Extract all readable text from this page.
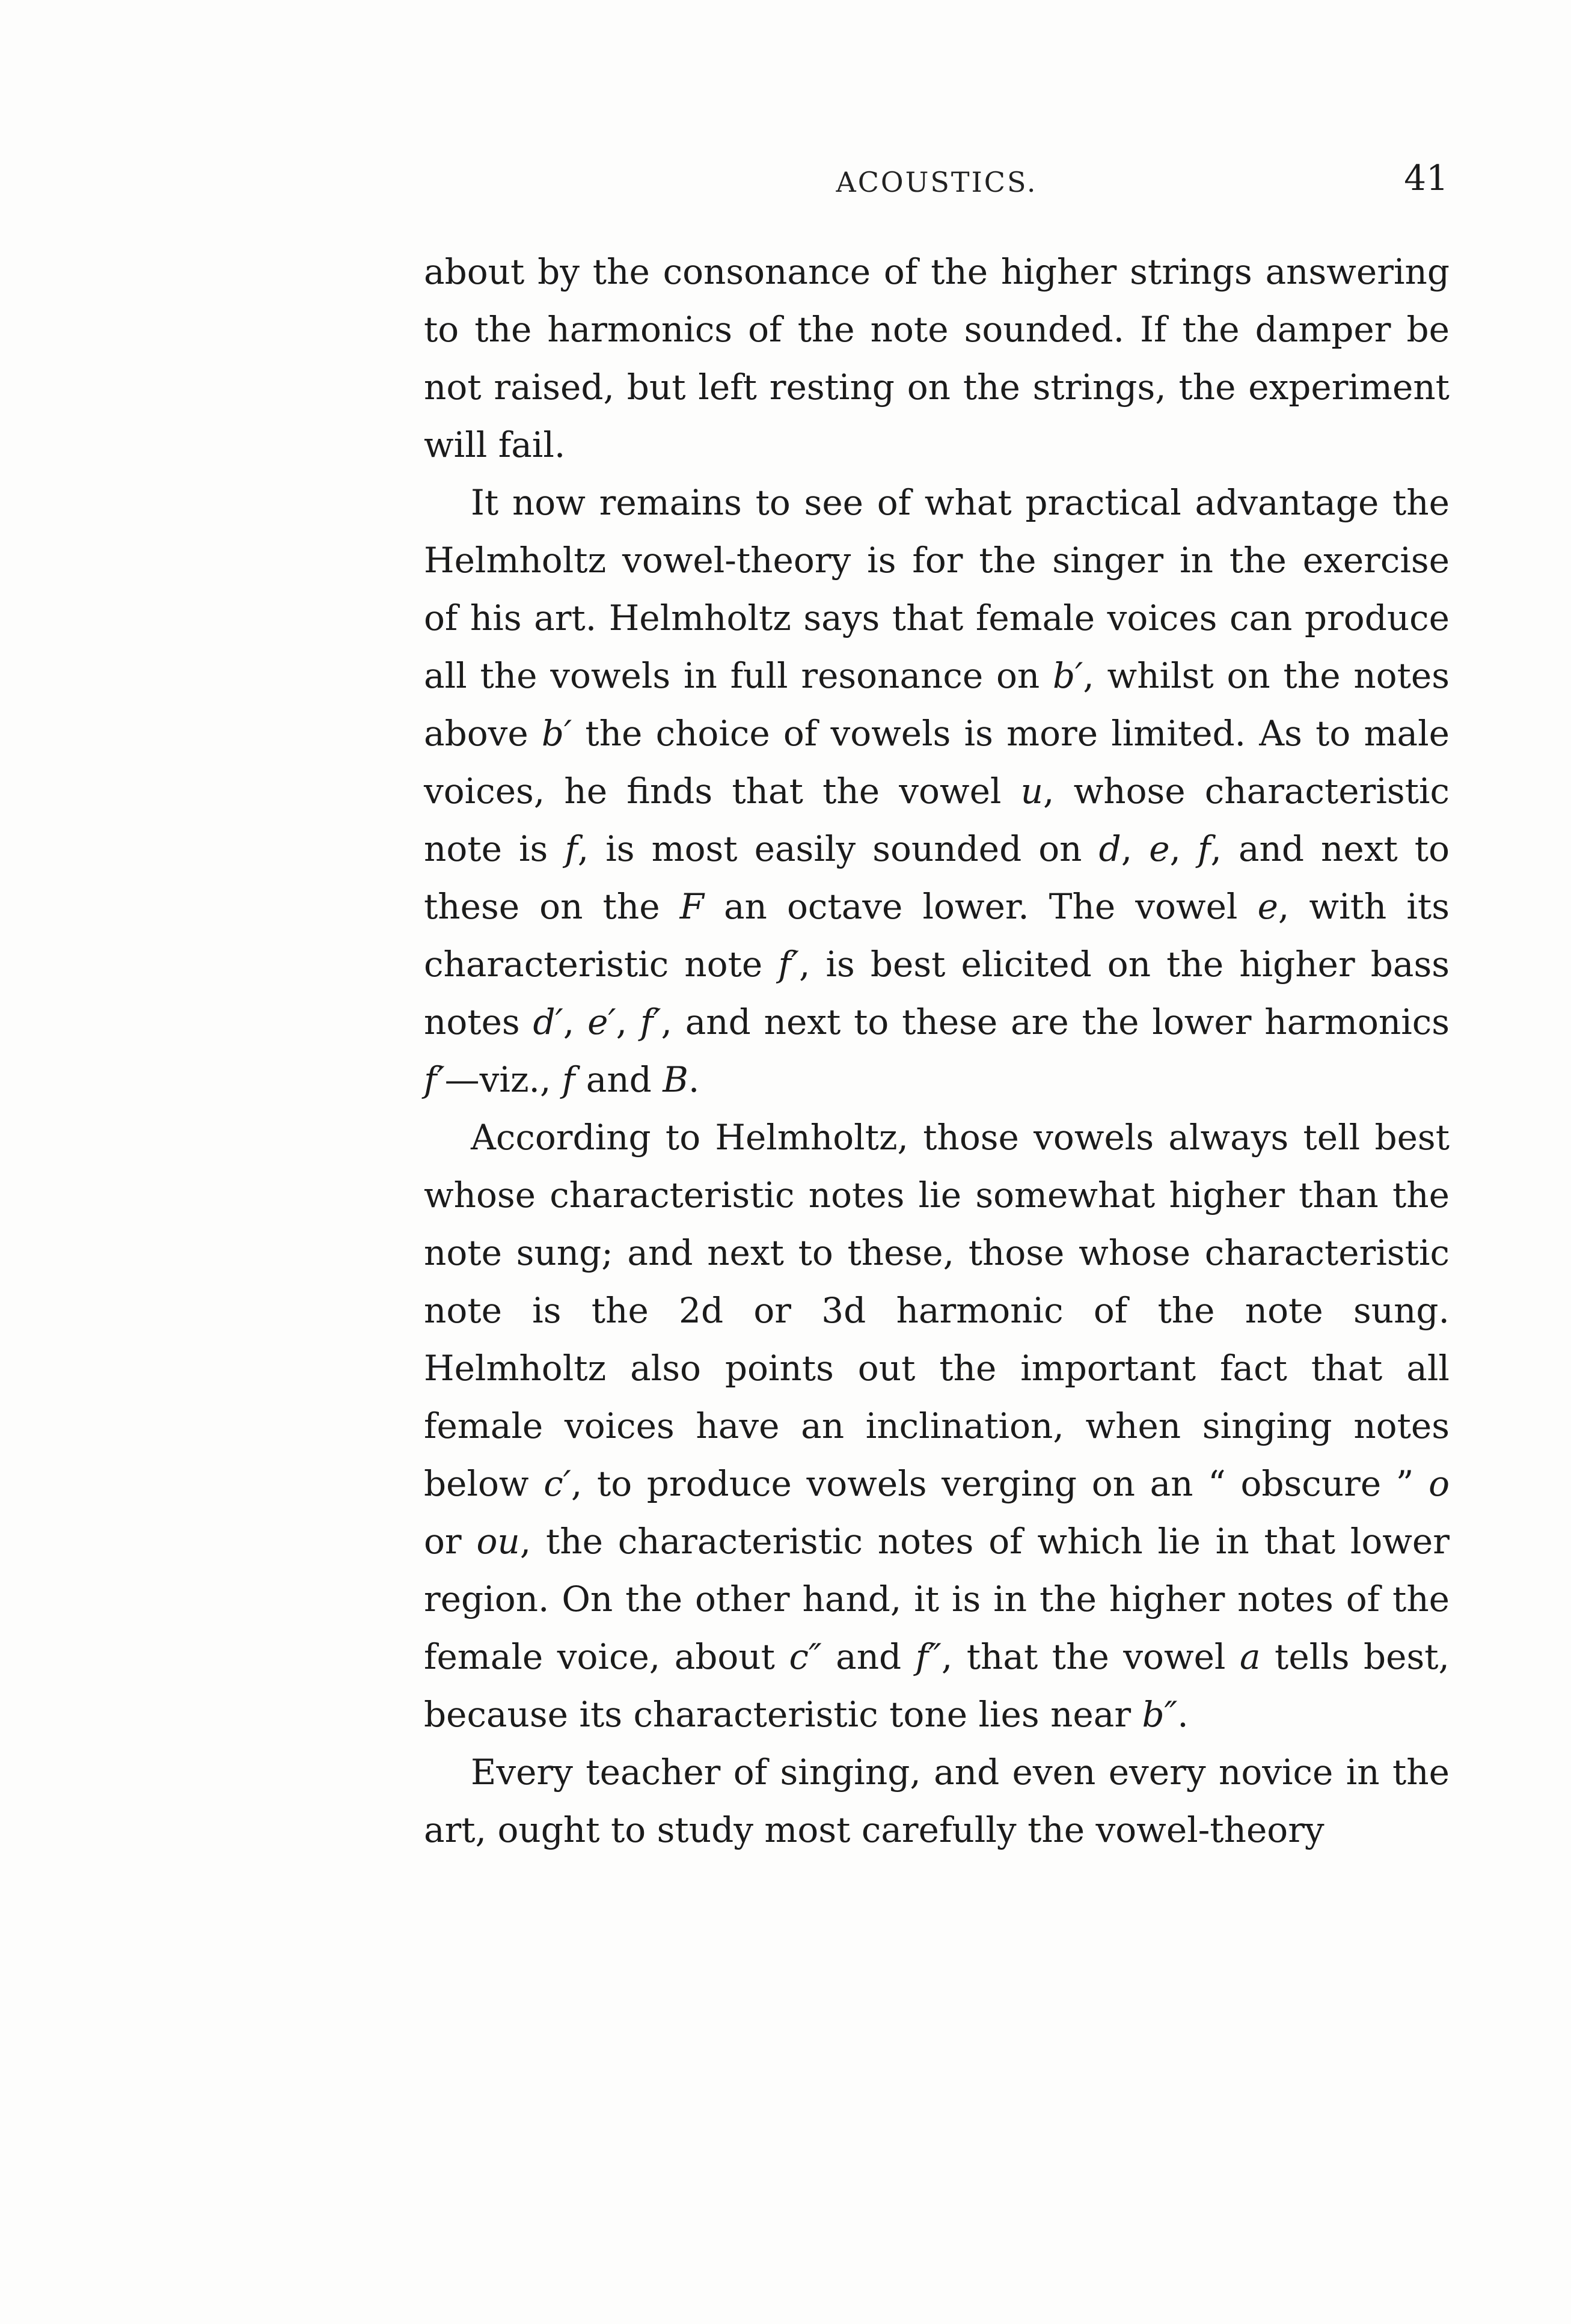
ACOUSTICS.	41

about by the consonance of the higher strings answering to the harmonics of the note sounded. If the damper be not raised, but left resting on the strings, the experiment will fail.

It now remains to see of what practical advantage the Helmholtz vowel-theory is for the singer in the exercise of his art. Helmholtz says that female voices can produce all the vowels in full resonance on b′, whilst on the notes above b′ the choice of vowels is more limited. As to male voices, he finds that the vowel u, whose characteristic note is f, is most easily sounded on d, e, f, and next to these on the F an octave lower. The vowel e, with its characteristic note f′, is best elicited on the higher bass notes d′, e′, f′, and next to these are the lower harmonics f′—viz., f and B.

According to Helmholtz, those vowels always tell best whose characteristic notes lie somewhat higher than the note sung; and next to these, those whose characteristic note is the 2d or 3d harmonic of the note sung. Helmholtz also points out the important fact that all female voices have an inclination, when singing notes below c′, to produce vowels verging on an “ obscure ” o or ou, the characteristic notes of which lie in that lower region. On the other hand, it is in the higher notes of the female voice, about c″ and f″, that the vowel a tells best, because its characteristic tone lies near b″.

Every teacher of singing, and even every novice in the art, ought to study most carefully the vowel-theory
